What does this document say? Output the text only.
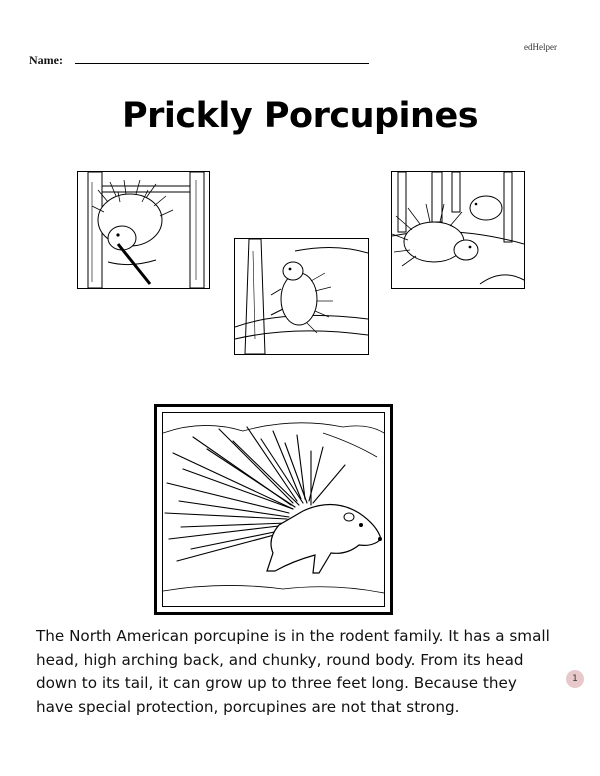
edHelper
Name:
Prickly Porcupines
The North American porcupine is in the rodent family. It has a small head, high arching back, and chunky, round body. From its head down to its tail, it can grow up to three feet long. Because they have special protection, porcupines are not that strong.
1
